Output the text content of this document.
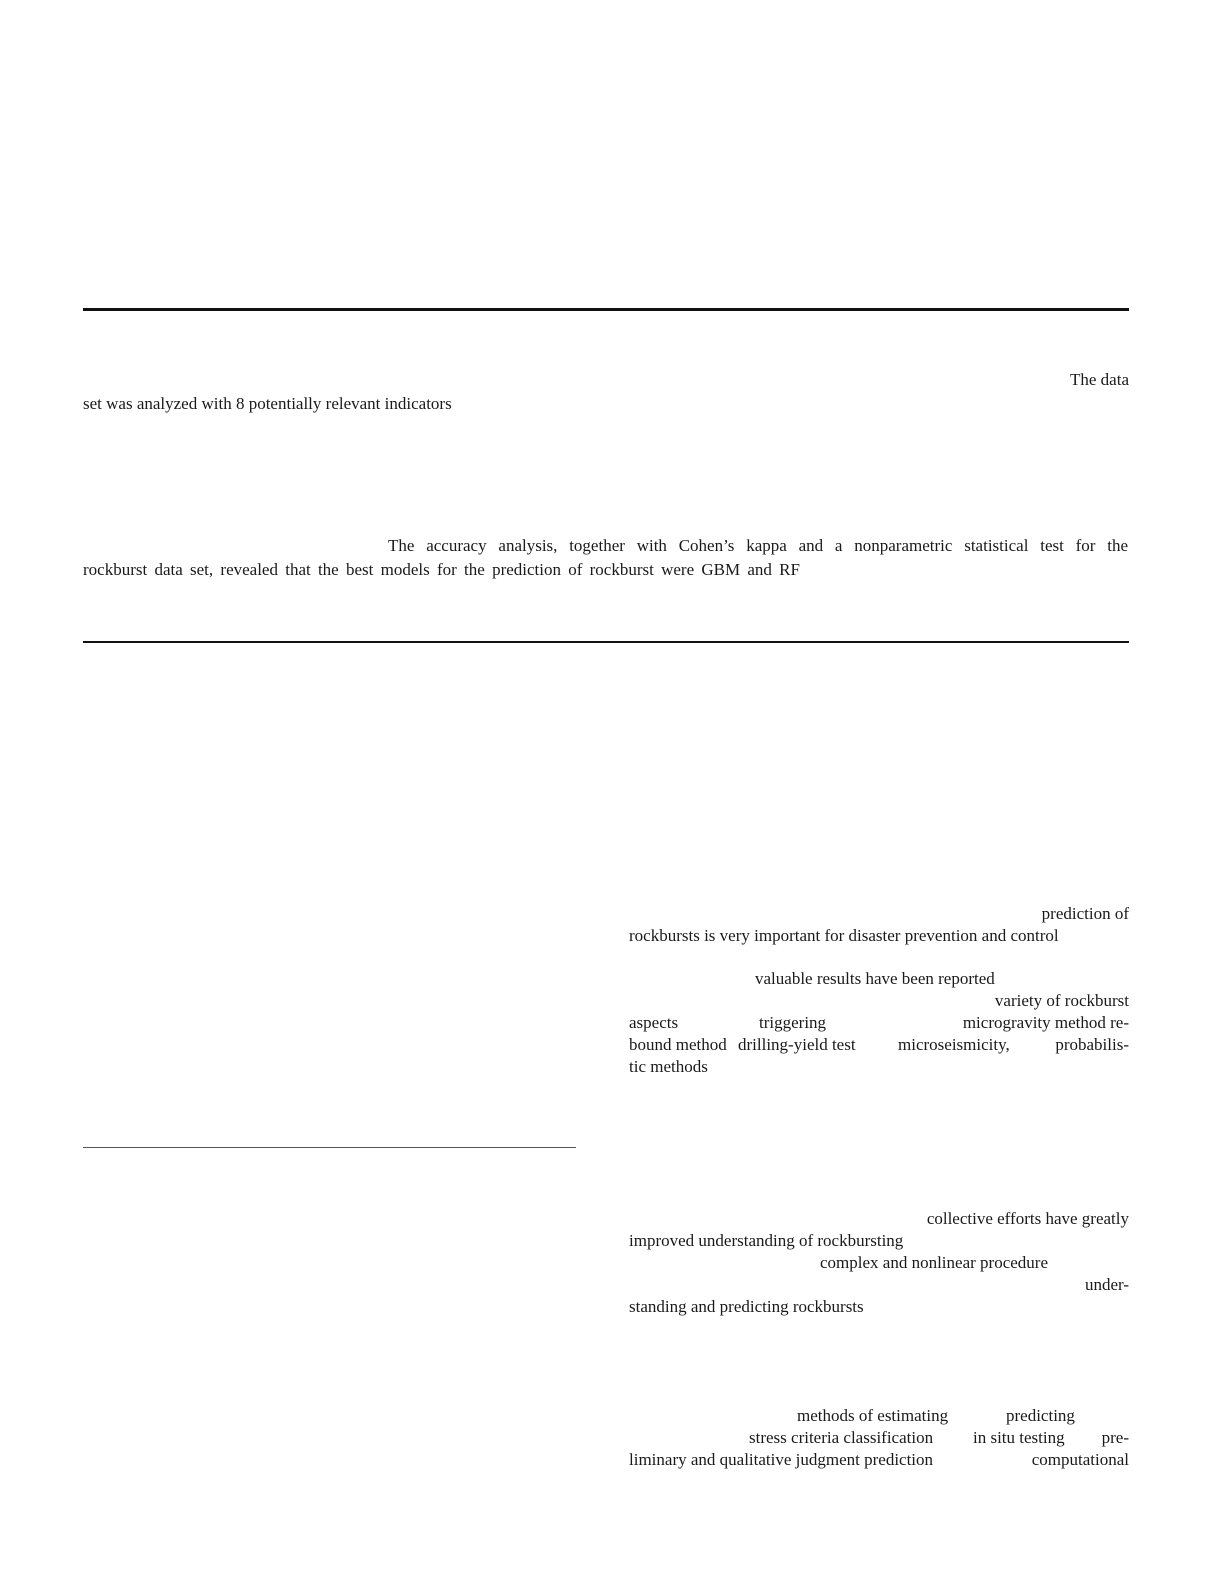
The data
set was analyzed with 8 potentially relevant indicators
The accuracy analysis, together with Cohen’s kappa and a nonparametric statistical test for the
rockburst data set, revealed that the best models for the prediction of rockburst were GBM and RF
prediction of
rockbursts is very important for disaster prevention and control
valuable results have been reported
variety of rockburst
aspects	triggering	microgravity method re-
bound method drilling-yield test microseismicity,	probabilis-
tic methods
collective efforts have greatly
improved understanding of rockbursting
complex and nonlinear procedure
under-
standing and predicting rockbursts
methods of estimating	predicting
stress criteria classification in situ testing pre-
liminary and qualitative judgment prediction	computational
